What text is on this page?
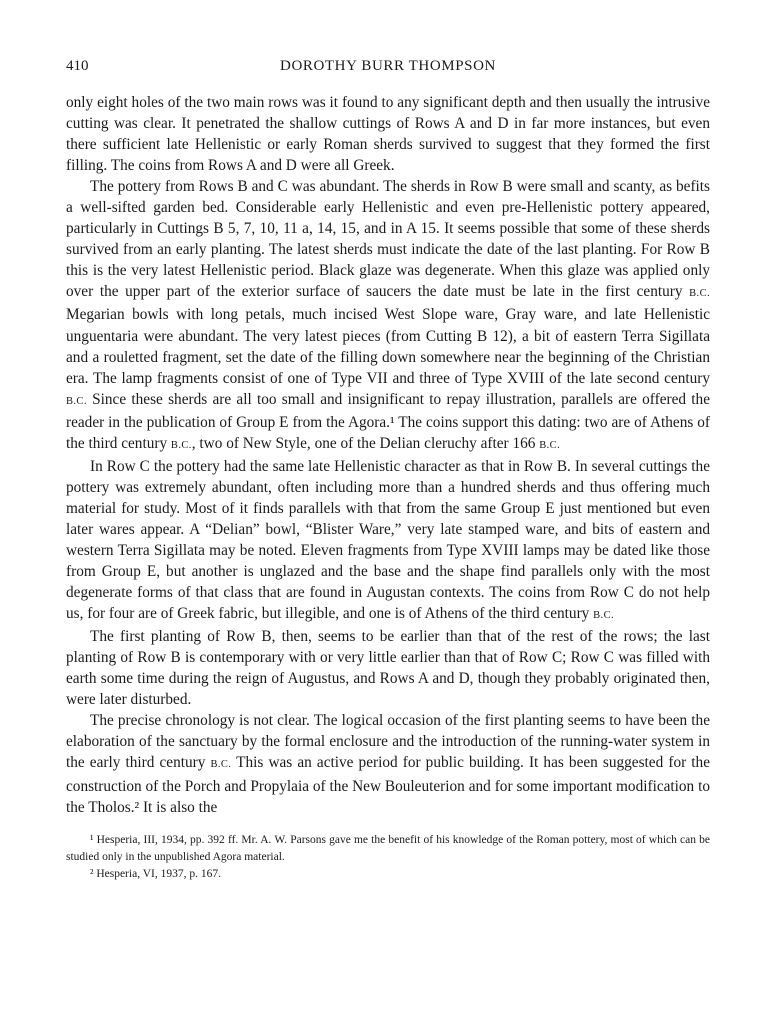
410	DOROTHY BURR THOMPSON

only eight holes of the two main rows was it found to any significant depth and then usually the intrusive cutting was clear. It penetrated the shallow cuttings of Rows A and D in far more instances, but even there sufficient late Hellenistic or early Roman sherds survived to suggest that they formed the first filling. The coins from Rows A and D were all Greek.

The pottery from Rows B and C was abundant. The sherds in Row B were small and scanty, as befits a well-sifted garden bed. Considerable early Hellenistic and even pre-Hellenistic pottery appeared, particularly in Cuttings B 5, 7, 10, 11 a, 14, 15, and in A 15. It seems possible that some of these sherds survived from an early planting. The latest sherds must indicate the date of the last planting. For Row B this is the very latest Hellenistic period. Black glaze was degenerate. When this glaze was applied only over the upper part of the exterior surface of saucers the date must be late in the first century B.C. Megarian bowls with long petals, much incised West Slope ware, Gray ware, and late Hellenistic unguentaria were abundant. The very latest pieces (from Cutting B 12), a bit of eastern Terra Sigillata and a rouletted fragment, set the date of the filling down somewhere near the beginning of the Christian era. The lamp fragments consist of one of Type VII and three of Type XVIII of the late second century B.C. Since these sherds are all too small and insignificant to repay illustration, parallels are offered the reader in the publication of Group E from the Agora.¹ The coins support this dating: two are of Athens of the third century B.C., two of New Style, one of the Delian cleruchy after 166 B.C.

In Row C the pottery had the same late Hellenistic character as that in Row B. In several cuttings the pottery was extremely abundant, often including more than a hundred sherds and thus offering much material for study. Most of it finds parallels with that from the same Group E just mentioned but even later wares appear. A “Delian” bowl, “Blister Ware,” very late stamped ware, and bits of eastern and western Terra Sigillata may be noted. Eleven fragments from Type XVIII lamps may be dated like those from Group E, but another is unglazed and the base and the shape find parallels only with the most degenerate forms of that class that are found in Augustan contexts. The coins from Row C do not help us, for four are of Greek fabric, but illegible, and one is of Athens of the third century B.C.

The first planting of Row B, then, seems to be earlier than that of the rest of the rows; the last planting of Row B is contemporary with or very little earlier than that of Row C; Row C was filled with earth some time during the reign of Augustus, and Rows A and D, though they probably originated then, were later disturbed.

The precise chronology is not clear. The logical occasion of the first planting seems to have been the elaboration of the sanctuary by the formal enclosure and the introduction of the running-water system in the early third century B.C. This was an active period for public building. It has been suggested for the construction of the Porch and Propylaia of the New Bouleuterion and for some important modification to the Tholos.² It is also the

¹ Hesperia, III, 1934, pp. 392 ff. Mr. A. W. Parsons gave me the benefit of his knowledge of the Roman pottery, most of which can be studied only in the unpublished Agora material.

² Hesperia, VI, 1937, p. 167.
